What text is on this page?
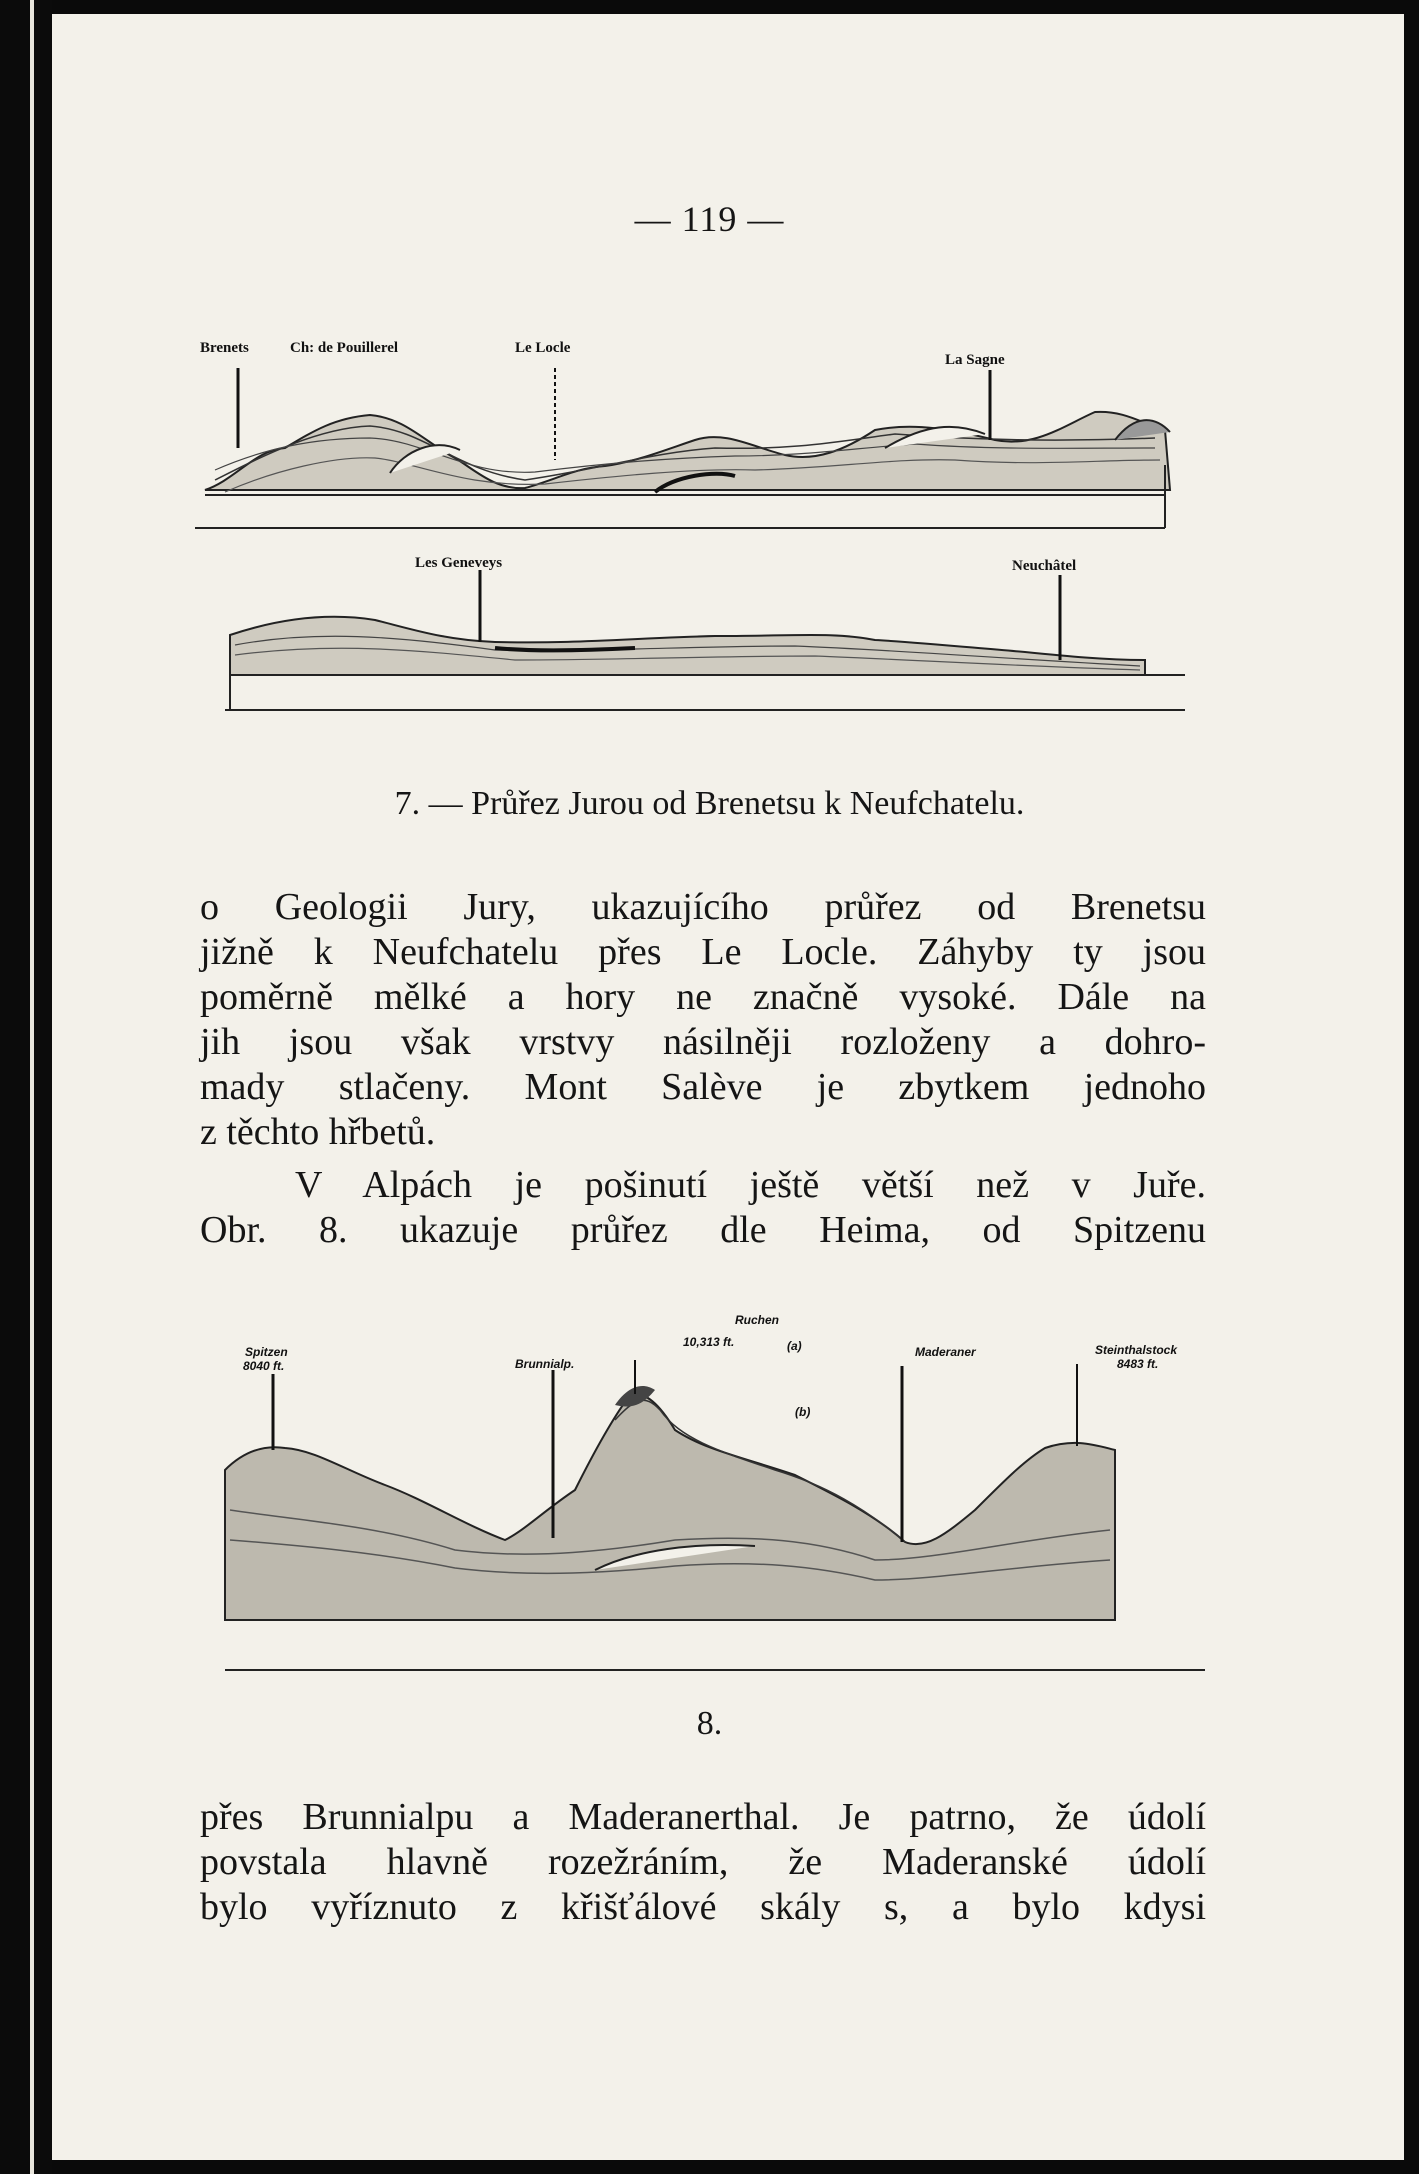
— 119 —
Brenets	Ch: de Pouillerel	Le Locle
La Sagne
Les Geneveys	Neuchâtel
7. — Průřez Jurou od Brenetsu k Neufchatelu.
o Geologii Jury, ukazujícího průřez od Brenetsu
jižně k Neufchatelu přes Le Locle. Záhyby ty jsou
poměrně mělké a hory ne značně vysoké. Dále na
jih jsou však vrstvy násilněji rozloženy a dohro-
mady stlačeny. Mont Salève je zbytkem jednoho
z těchto hřbetů.
V Alpách je pošinutí ještě větší než v Juře.
Obr. 8. ukazuje průřez dle Heima, od Spitzenu
Spitzen
8040 ft.	Brunnialp.
Ruchen
10,313 ft.	(a)
(b)
Maderaner	Steinthalstock
8483 ft.
8.
přes Brunnialpu a Maderanerthal. Je patrno, že údolí
povstala hlavně rozežráním, že Maderanské údolí
bylo vyříznuto z křišťálové skály s, a bylo kdysi
